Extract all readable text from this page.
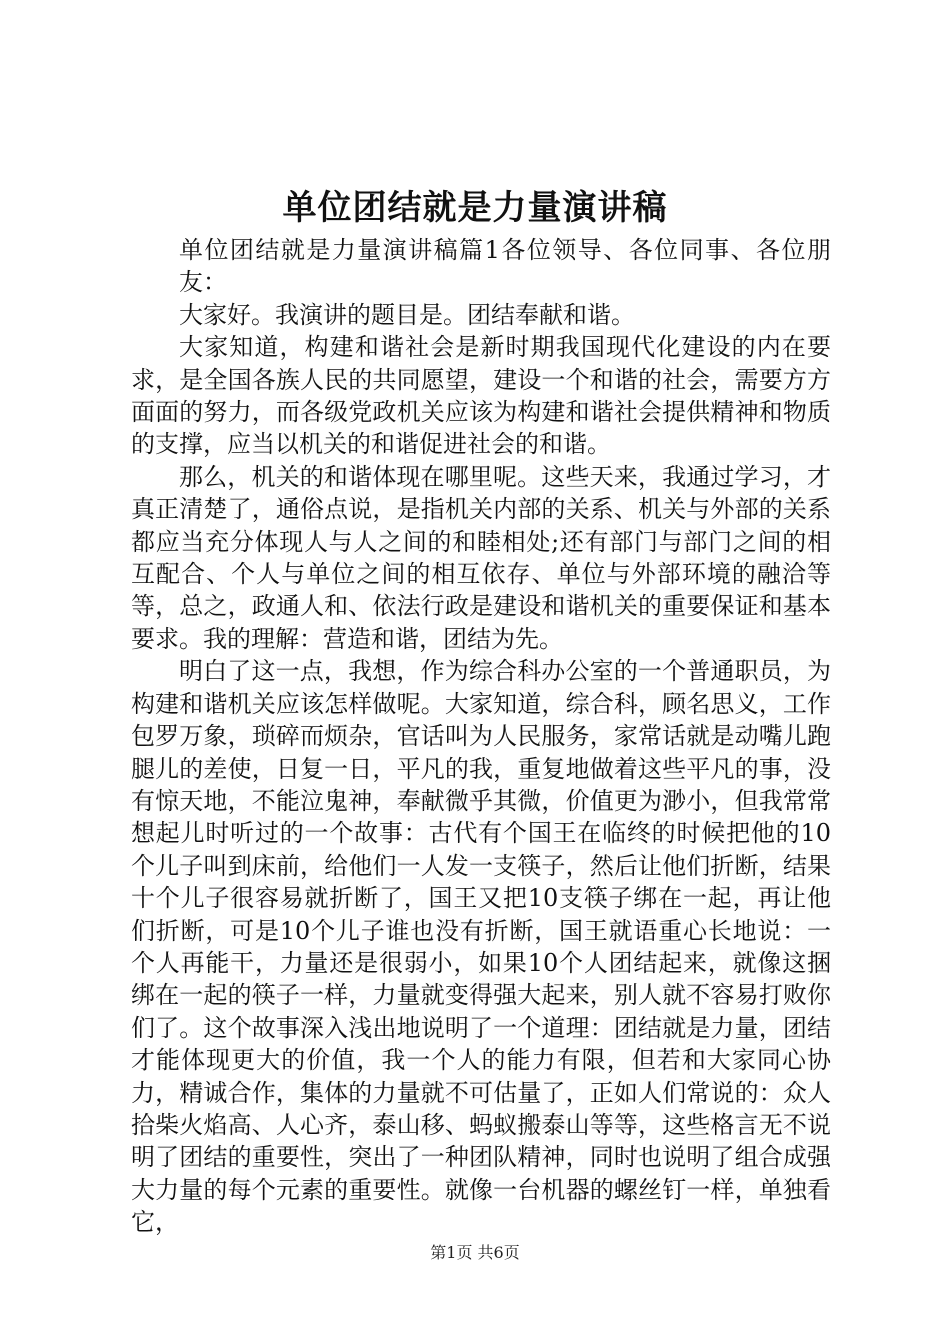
单位团结就是力量演讲稿

单位团结就是力量演讲稿篇1各位领导、各位同事、各位朋友：

大家好。我演讲的题目是。团结奉献和谐。

大家知道，构建和谐社会是新时期我国现代化建设的内在要求，是全国各族人民的共同愿望，建设一个和谐的社会，需要方方面面的努力，而各级党政机关应该为构建和谐社会提供精神和物质的支撑，应当以机关的和谐促进社会的和谐。

那么，机关的和谐体现在哪里呢。这些天来，我通过学习，才真正清楚了，通俗点说，是指机关内部的关系、机关与外部的关系都应当充分体现人与人之间的和睦相处;还有部门与部门之间的相互配合、个人与单位之间的相互依存、单位与外部环境的融洽等等，总之，政通人和、依法行政是建设和谐机关的重要保证和基本要求。我的理解：营造和谐，团结为先。

明白了这一点，我想，作为综合科办公室的一个普通职员，为构建和谐机关应该怎样做呢。大家知道，综合科，顾名思义，工作包罗万象，琐碎而烦杂，官话叫为人民服务，家常话就是动嘴儿跑腿儿的差使，日复一日，平凡的我，重复地做着这些平凡的事，没有惊天地，不能泣鬼神，奉献微乎其微，价值更为渺小，但我常常想起儿时听过的一个故事：古代有个国王在临终的时候把他的10个儿子叫到床前，给他们一人发一支筷子，然后让他们折断，结果十个儿子很容易就折断了，国王又把10支筷子绑在一起，再让他们折断，可是10个儿子谁也没有折断，国王就语重心长地说：一个人再能干，力量还是很弱小，如果10个人团结起来，就像这捆绑在一起的筷子一样，力量就变得强大起来，别人就不容易打败你们了。这个故事深入浅出地说明了一个道理：团结就是力量，团结才能体现更大的价值，我一个人的能力有限，但若和大家同心协力，精诚合作，集体的力量就不可估量了，正如人们常说的：众人拾柴火焰高、人心齐，泰山移、蚂蚁搬泰山等等，这些格言无不说明了团结的重要性，突出了一种团队精神，同时也说明了组合成强大力量的每个元素的重要性。就像一台机器的螺丝钉一样，单独看它，

第1页 共6页
